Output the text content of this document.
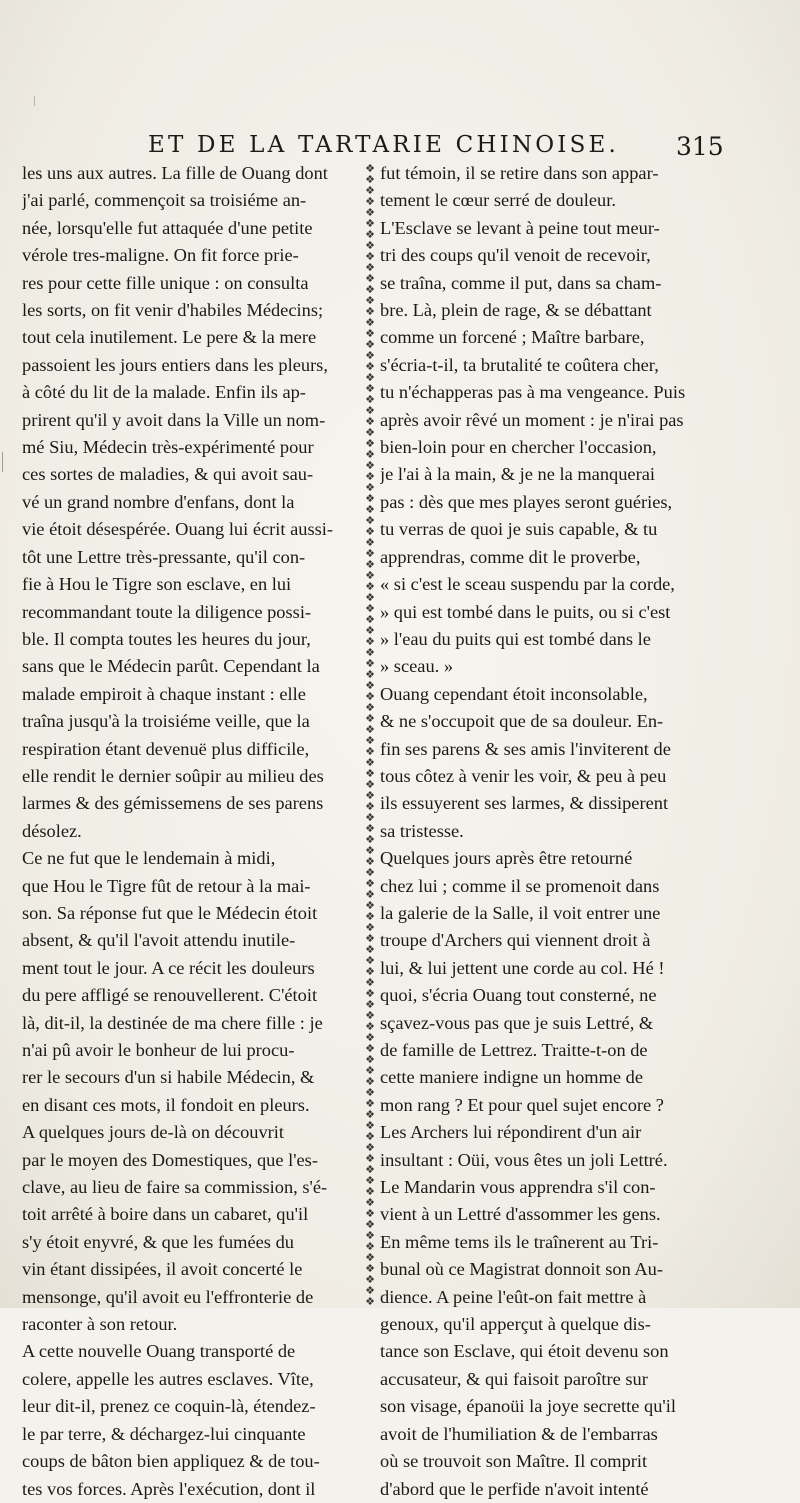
ET DE LA TARTARIE CHINOISE. 315
les uns aux autres. La fille de Ouang dont
j'ai parlé, commençoit sa troisiéme an-
née, lorsqu'elle fut attaquée d'une petite
vérole tres-maligne. On fit force prie-
res pour cette fille unique : on consulta
les sorts, on fit venir d'habiles Médecins;
tout cela inutilement. Le pere & la mere
passoient les jours entiers dans les pleurs,
à côté du lit de la malade. Enfin ils ap-
prirent qu'il y avoit dans la Ville un nom-
mé Siu, Médecin très-expérimenté pour
ces sortes de maladies, & qui avoit sau-
vé un grand nombre d'enfans, dont la
vie étoit désespérée. Ouang lui écrit aussi-
tôt une Lettre très-pressante, qu'il con-
fie à Hou le Tigre son esclave, en lui
recommandant toute la diligence possi-
ble. Il compta toutes les heures du jour,
sans que le Médecin parût. Cependant la
malade empiroit à chaque instant : elle
traîna jusqu'à la troisiéme veille, que la
respiration étant devenuë plus difficile,
elle rendit le dernier soûpir au milieu des
larmes & des gémissemens de ses parens
désolez.
Ce ne fut que le lendemain à midi,
que Hou le Tigre fût de retour à la mai-
son. Sa réponse fut que le Médecin étoit
absent, & qu'il l'avoit attendu inutile-
ment tout le jour. A ce récit les douleurs
du pere affligé se renouvellerent. C'étoit
là, dit-il, la destinée de ma chere fille : je
n'ai pû avoir le bonheur de lui procu-
rer le secours d'un si habile Médecin, &
en disant ces mots, il fondoit en pleurs.
A quelques jours de-là on découvrit
par le moyen des Domestiques, que l'es-
clave, au lieu de faire sa commission, s'é-
toit arrêté à boire dans un cabaret, qu'il
s'y étoit enyvré, & que les fumées du
vin étant dissipées, il avoit concerté le
mensonge, qu'il avoit eu l'effronterie de
raconter à son retour.
A cette nouvelle Ouang transporté de
colere, appelle les autres esclaves. Vîte,
leur dit-il, prenez ce coquin-là, étendez-
le par terre, & déchargez-lui cinquante
coups de bâton bien appliquez & de tou-
tes vos forces. Après l'exécution, dont il
❖
❖
❖
❖
❖
❖
❖
❖
❖
❖
❖
❖
❖
❖
❖
❖
❖
❖
❖
❖
❖
❖
❖
❖
❖
❖
❖
❖
❖
❖
❖
❖
❖
❖
❖
❖
❖
❖
❖
❖
❖
❖
❖
❖
❖
❖
❖
❖
❖
❖
❖
❖
❖
❖
❖
❖
❖
❖
❖
❖
❖
❖
❖
❖
❖
❖
❖
❖
❖
❖
❖
❖
❖
❖
❖
❖
❖
❖
❖
❖
❖
❖
❖
❖
❖
❖
❖
❖
❖
❖
❖
❖
❖
❖
❖
❖
❖
❖
❖
❖
❖
❖
❖
❖
fut témoin, il se retire dans son appar-
tement le cœur serré de douleur.
L'Esclave se levant à peine tout meur-
tri des coups qu'il venoit de recevoir,
se traîna, comme il put, dans sa cham-
bre. Là, plein de rage, & se débattant
comme un forcené ; Maître barbare,
s'écria-t-il, ta brutalité te coûtera cher,
tu n'échapperas pas à ma vengeance. Puis
après avoir rêvé un moment : je n'irai pas
bien-loin pour en chercher l'occasion,
je l'ai à la main, & je ne la manquerai
pas : dès que mes playes seront guéries,
tu verras de quoi je suis capable, & tu
apprendras, comme dit le proverbe,
« si c'est le sceau suspendu par la corde,
» qui est tombé dans le puits, ou si c'est
» l'eau du puits qui est tombé dans le
» sceau. »
Ouang cependant étoit inconsolable,
& ne s'occupoit que de sa douleur. En-
fin ses parens & ses amis l'inviterent de
tous côtez à venir les voir, & peu à peu
ils essuyerent ses larmes, & dissiperent
sa tristesse.
Quelques jours après être retourné
chez lui ; comme il se promenoit dans
la galerie de la Salle, il voit entrer une
troupe d'Archers qui viennent droit à
lui, & lui jettent une corde au col. Hé !
quoi, s'écria Ouang tout consterné, ne
sçavez-vous pas que je suis Lettré, &
de famille de Lettrez. Traitte-t-on de
cette maniere indigne un homme de
mon rang ? Et pour quel sujet encore ?
Les Archers lui répondirent d'un air
insultant : Oüi, vous êtes un joli Lettré.
Le Mandarin vous apprendra s'il con-
vient à un Lettré d'assommer les gens.
En même tems ils le traînerent au Tri-
bunal où ce Magistrat donnoit son Au-
dience. A peine l'eût-on fait mettre à
genoux, qu'il apperçut à quelque dis-
tance son Esclave, qui étoit devenu son
accusateur, & qui faisoit paroître sur
son visage, épanoüi la joye secrette qu'il
avoit de l'humiliation & de l'embarras
où se trouvoit son Maître. Il comprit
d'abord que le perfide n'avoit intenté
